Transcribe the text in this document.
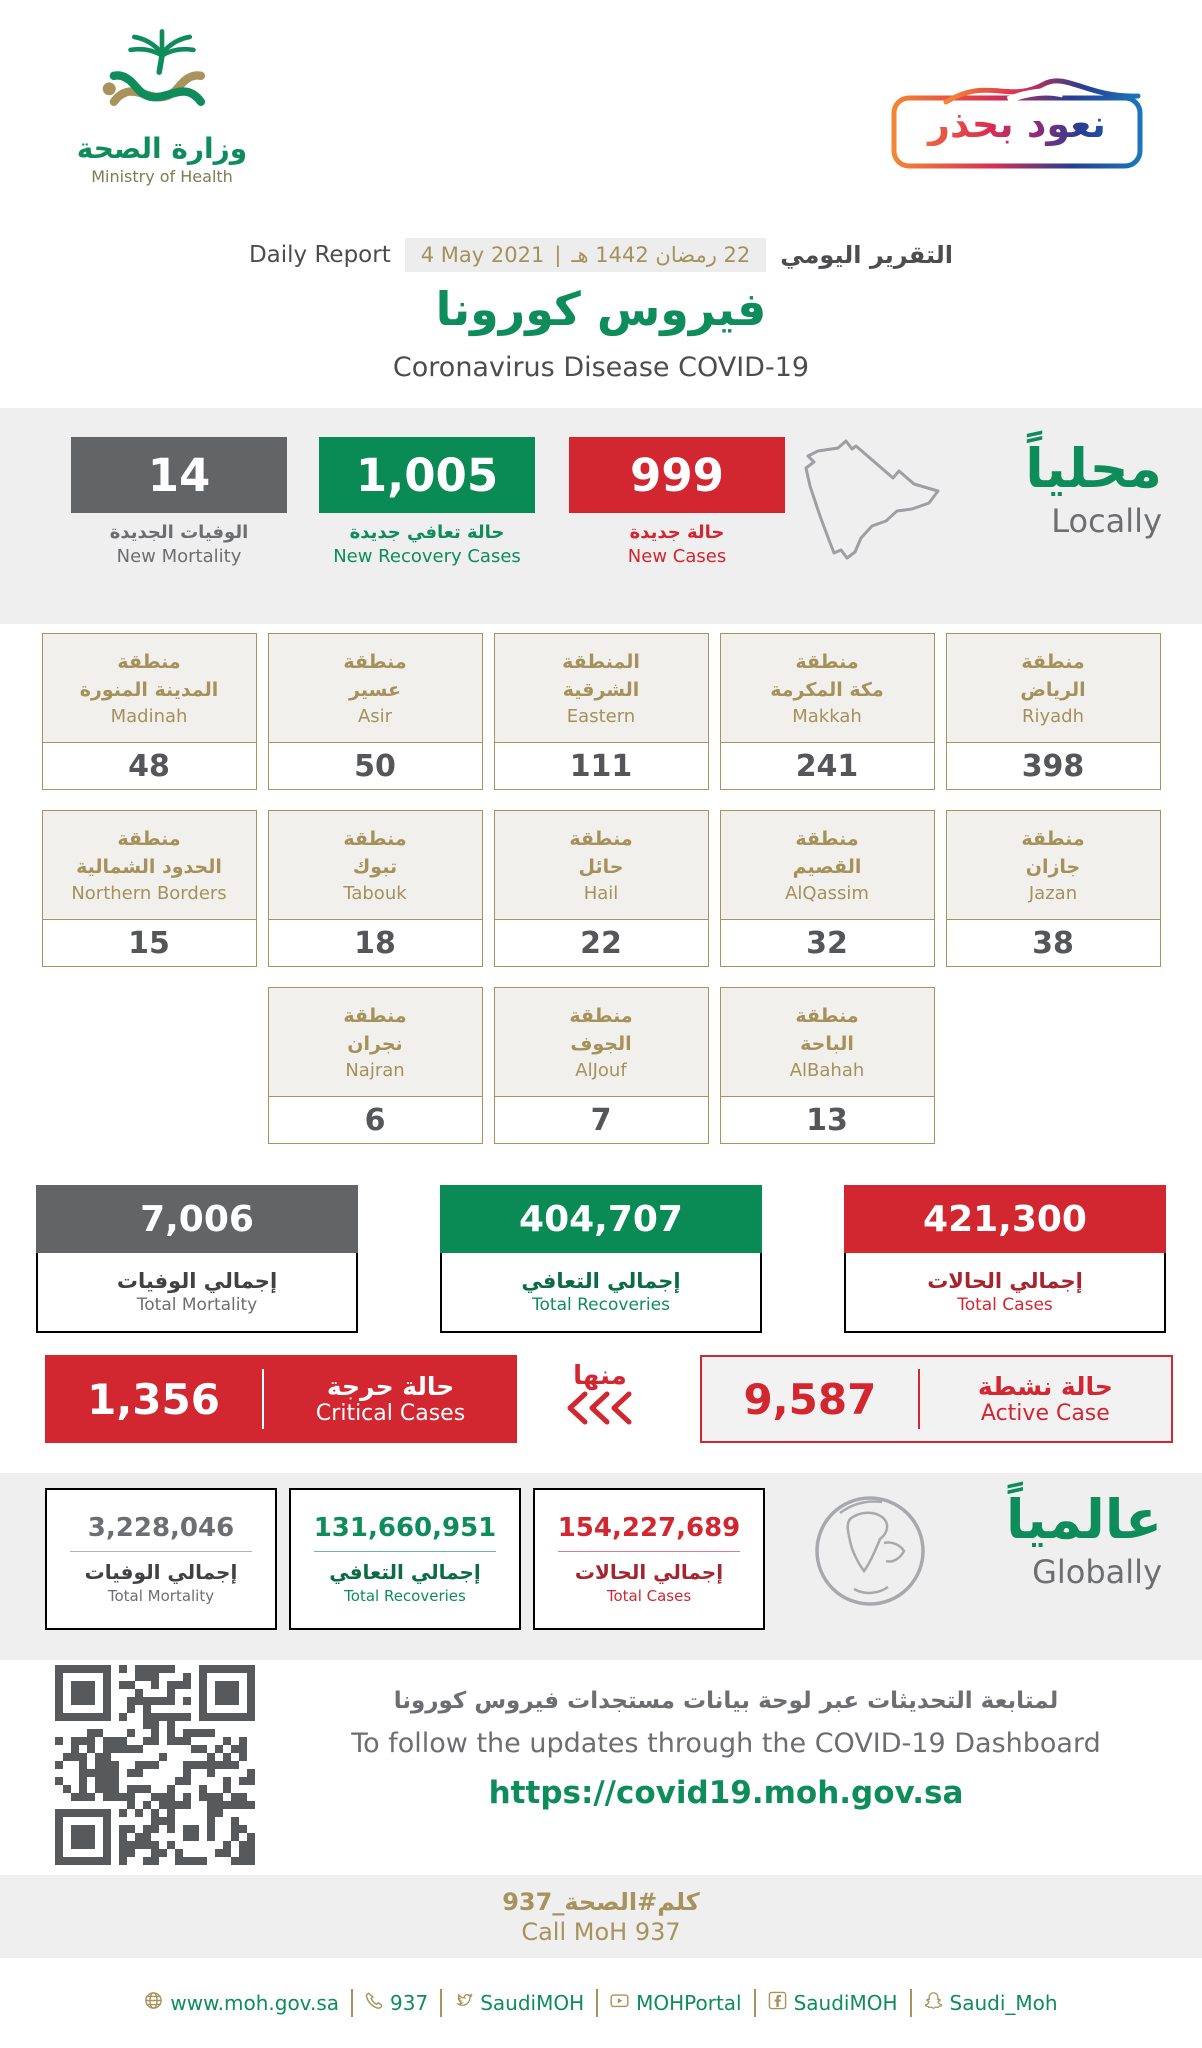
وزارة الصحة
Ministry of Health
نعود بحذر
Daily Report 4 May 2021 | 22 رمضان 1442 هـ التقرير اليومي
فيروس كورونا
Coronavirus Disease COVID-19
14
الوفيات الجديدة
New Mortality
1,005
حالة تعافي جديدة
New Recovery Cases
999
حالة جديدة
New Cases
محلياً
Locally
منطقة
المدينة المنورة
Madinah
48
منطقة
عسير
Asir
50
المنطقة
الشرقية
Eastern
111
منطقة
مكة المكرمة
Makkah
241
منطقة
الرياض
Riyadh
398
منطقة
الحدود الشمالية
Northern Borders
15
منطقة
تبوك
Tabouk
18
منطقة
حائل
Hail
22
منطقة
القصيم
AlQassim
32
منطقة
جازان
Jazan
38
منطقة
نجران
Najran
6
منطقة
الجوف
AlJouf
7
منطقة
الباحة
AlBahah
13
7,006
إجمالي الوفيات
Total Mortality
404,707
إجمالي التعافي
Total Recoveries
421,300
إجمالي الحالات
Total Cases
1,356	حالة حرجة
Critical Cases
منها	9,587	حالة نشطة
Active Case
3,228,046
إجمالي الوفيات
Total Mortality
131,660,951
إجمالي التعافي
Total Recoveries
154,227,689
إجمالي الحالات
Total Cases
عالمياً
Globally
لمتابعة التحديثات عبر لوحة بيانات مستجدات فيروس كورونا
To follow the updates through the COVID-19 Dashboard
https://covid19.moh.gov.sa
كلم#الصحة_937
Call MoH 937
www.moh.gov.sa	937	SaudiMOH	MOHPortal	SaudiMOH	Saudi_Moh
